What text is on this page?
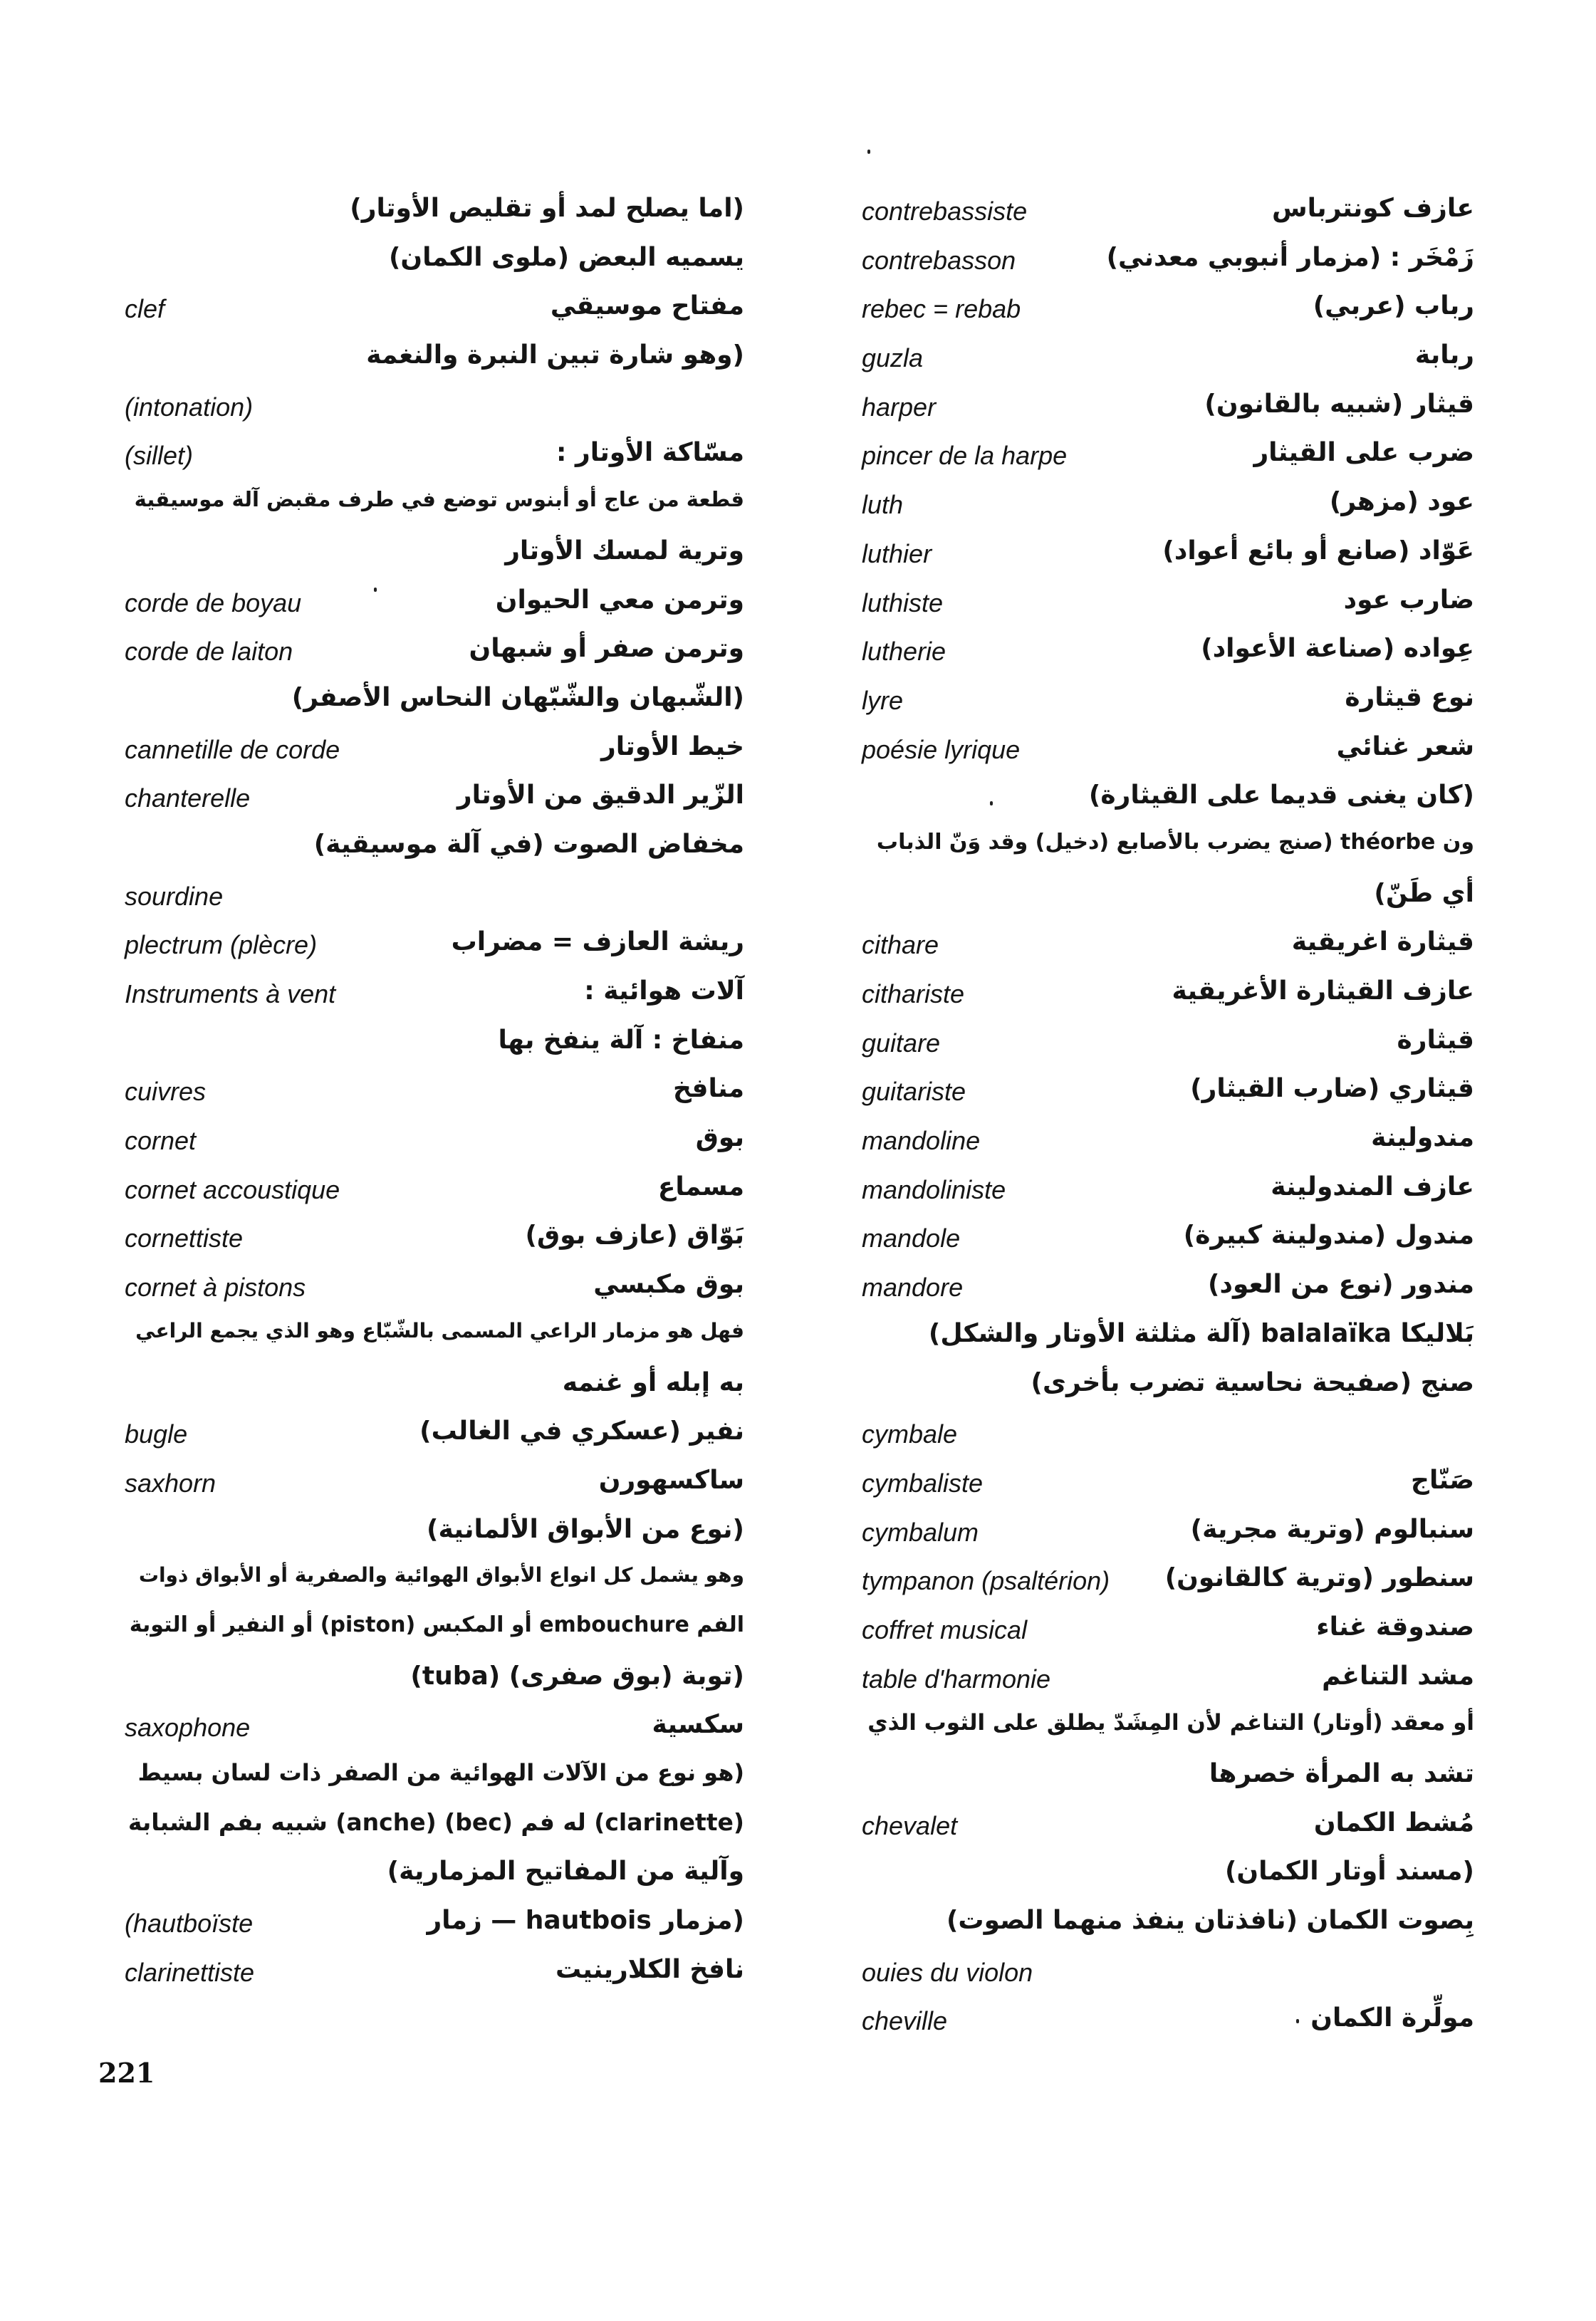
(اما يصلح لمد أو تقليص الأوتار)
يسميه البعض (ملوى الكمان)
clef	مفتاح موسيقي
(وهو شارة تبين النبرة والنغمة
(intonation)
(sillet)	مسّاكة الأوتار :
قطعة من عاج أو أبنوس توضع في طرف مقبض آلة موسيقية
وترية لمسك الأوتار
corde de boyau	وترمن معي الحيوان
corde de laiton	وترمن صفر أو شبهان
(الشّبهان والشّبّهان النحاس الأصفر)
cannetille de corde	خيط الأوتار
chanterelle	الزّير الدقيق من الأوتار
مخفاض الصوت (في آلة موسيقية)
sourdine
plectrum (plècre)	ريشة العازف = مضراب
Instruments à vent	آلات هوائية :
منفاخ : آلة ينفخ بها
cuivres	منافخ
cornet	بوق
cornet accoustique	مسماع
cornettiste	بَوّاق (عازف بوق)
cornet à pistons	بوق مكبسي
فهل هو مزمار الراعي المسمى بالشّبّاع وهو الذي يجمع الراعي
به إبله أو غنمه
bugle	نفير (عسكري في الغالب)
saxhorn	ساكسهورن
(نوع من الأبواق الألمانية)
وهو يشمل كل انواع الأبواق الهوائية والصفرية أو الأبواق ذوات
الفم embouchure أو المكبس (piston) أو النفير أو التوبة
(توبة (بوق صفرى) (tuba)
saxophone	سكسية
(هو نوع من الآلات الهوائية من الصفر ذات لسان بسيط
(clarinette) له فم (bec) (anche) شبيه بفم الشبابة
وآلية من المفاتيح المزمارية)
(hautboïste	(مزمار hautbois — زمار
clarinettiste	نافخ الكلارينيت
contrebassiste	عازف كونترباس
contrebasson	زَمْخَر : (مزمار أنبوبي معدني)
rebec = rebab	رباب (عربي)
guzla	ربابة
harper	قيثار (شبيه بالقانون)
pincer de la harpe	ضرب على القيثار
luth	عود (مزهر)
luthier	عَوّاد (صانع أو بائع أعواد)
luthiste	ضارب عود
lutherie	عِواده (صناعة الأعواد)
lyre	نوع قيثارة
poésie lyrique	شعر غنائي
(كان يغنى قديما على القيثارة)
ون théorbe (صنج يضرب بالأصابع (دخيل) وقد وَنّ الذباب
أي طَنّ)
cithare	قيثارة اغريقية
cithariste	عازف القيثارة الأغريقية
guitare	قيثارة
guitariste	قيثاري (ضارب القيثار)
mandoline	مندولينة
mandoliniste	عازف المندولينة
mandole	مندول (مندولينة كبيرة)
mandore	مندور (نوع من العود)
بَلاليكا balalaïka (آلة مثلثة الأوتار والشكل)
صنج (صفيحة نحاسية تضرب بأخرى)
cymbale
cymbaliste	صَنّاج
cymbalum	سنبالوم (وترية مجرية)
tympanon (psaltérion) سنطور (وترية كالقانون)
coffret musical	صندوقة غناء
table d'harmonie	مشد التناغم
أو معقد (أوتار) التناغم لأن المِشَدّ يطلق على الثوب الذي
تشد به المرأة خصرها
chevalet	مُشط الكمان
(مسند أوتار الكمان)
بِصوت الكمان (نافذتان ينفذ منهما الصوت)
ouies du violon
cheville	مولِّرة الكمان
221
